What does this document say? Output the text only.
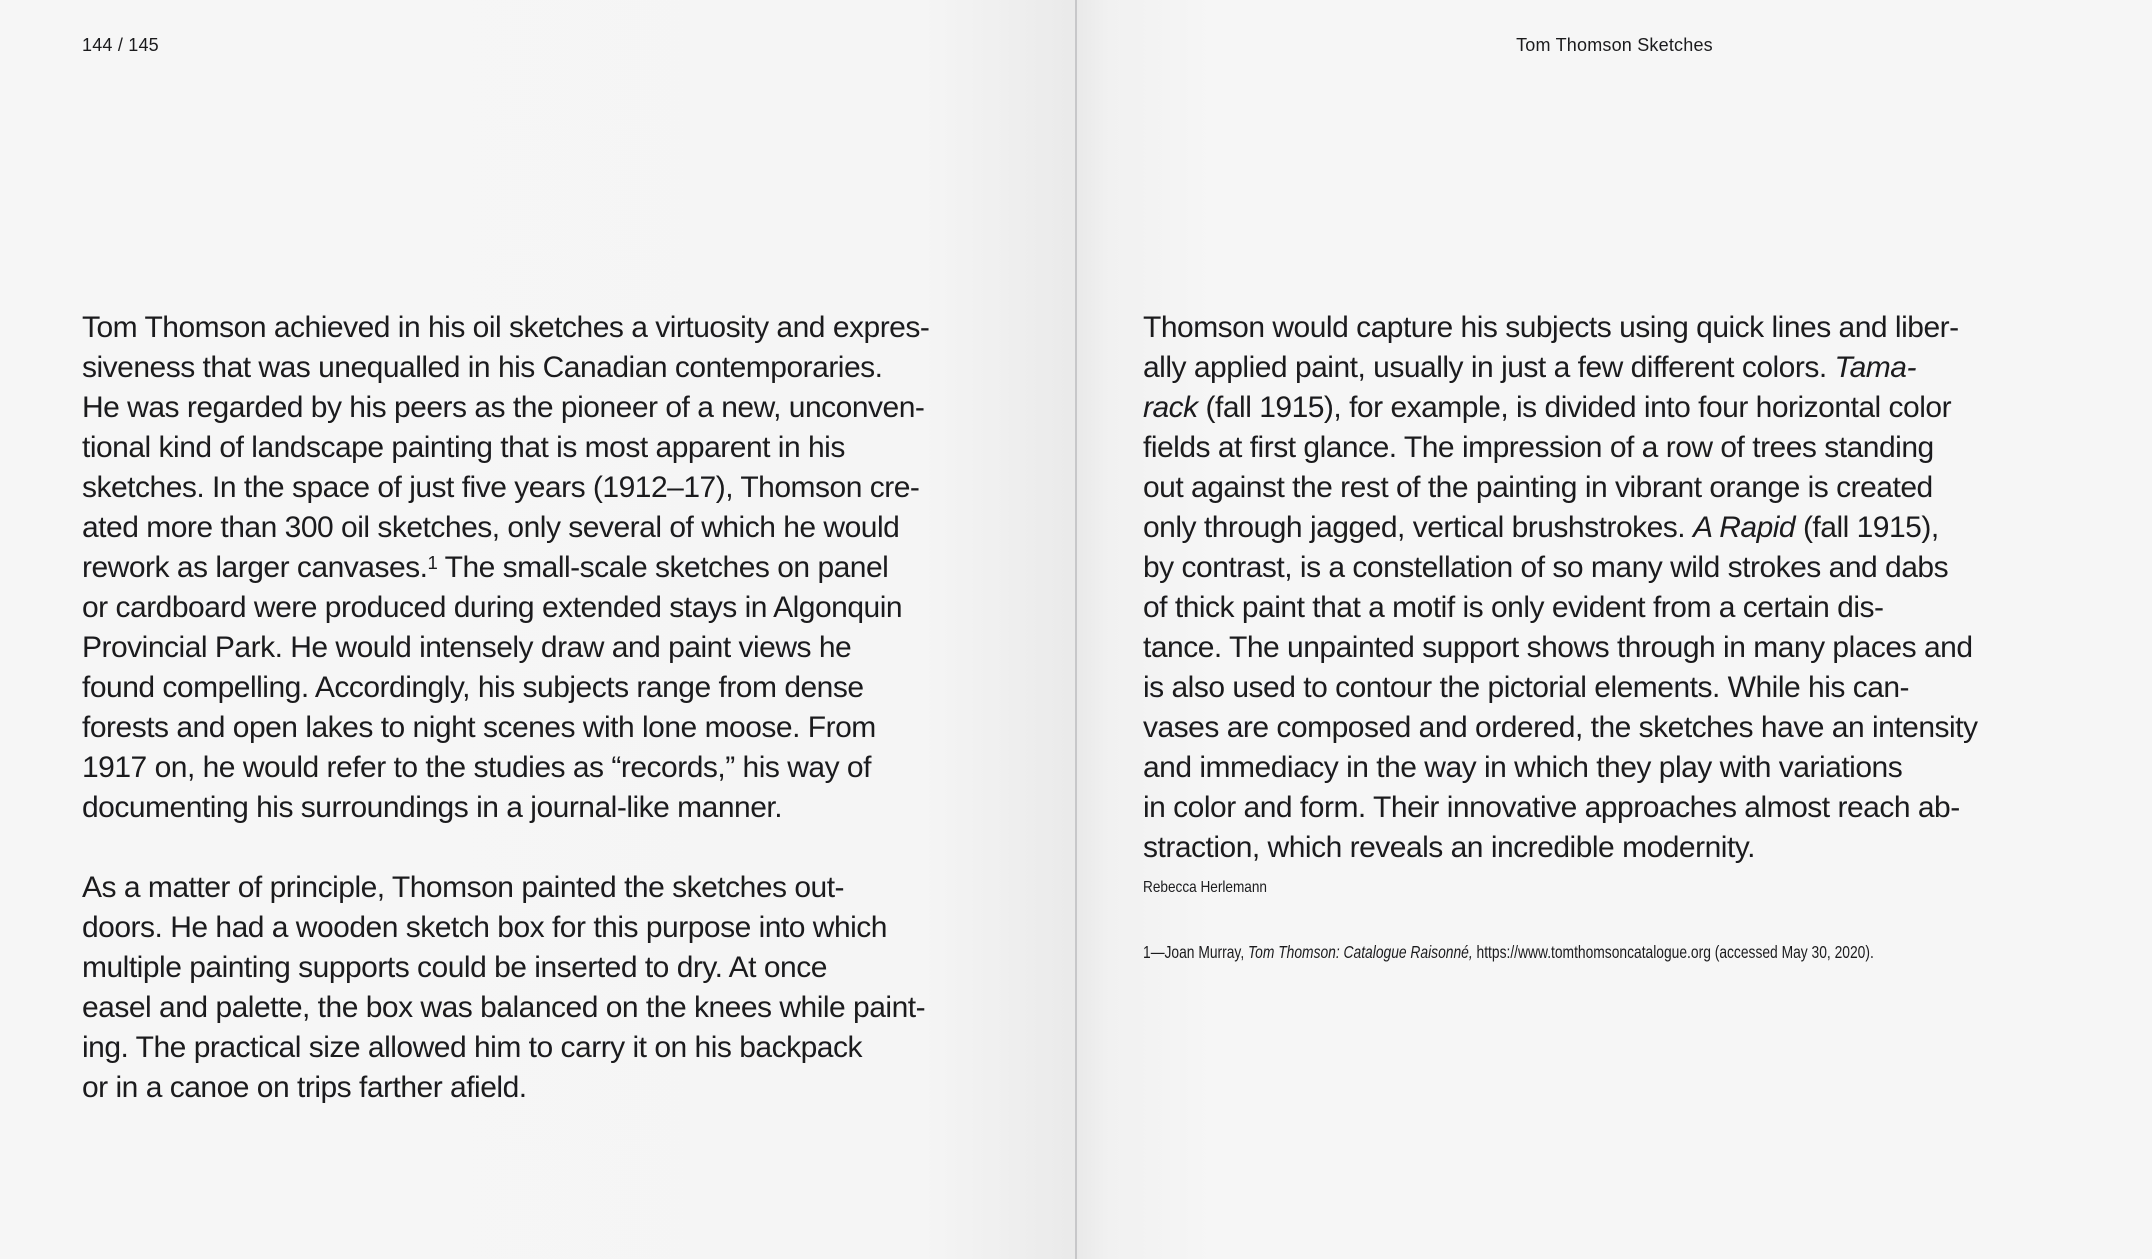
144 / 145

Tom Thomson achieved in his oil sketches a virtuosity and expres-
siveness that was unequalled in his Canadian contemporaries.
He was regarded by his peers as the pioneer of a new, unconven-
tional kind of landscape painting that is most apparent in his
sketches. In the space of just five years (1912–17), Thomson cre-
ated more than 300 oil sketches, only several of which he would
rework as larger canvases.$^1$ The small-scale sketches on panel
or cardboard were produced during extended stays in Algonquin
Provincial Park. He would intensely draw and paint views he
found compelling. Accordingly, his subjects range from dense
forests and open lakes to night scenes with lone moose. From
1917 on, he would refer to the studies as “records,” his way of
documenting his surroundings in a journal-like manner.

As a matter of principle, Thomson painted the sketches out-
doors. He had a wooden sketch box for this purpose into which
multiple painting supports could be inserted to dry. At once
easel and palette, the box was balanced on the knees while paint-
ing. The practical size allowed him to carry it on his backpack
or in a canoe on trips farther afield.

Tom Thomson Sketches

Thomson would capture his subjects using quick lines and liber-
ally applied paint, usually in just a few different colors. Tama-
rack (fall 1915), for example, is divided into four horizontal color
fields at first glance. The impression of a row of trees standing
out against the rest of the painting in vibrant orange is created
only through jagged, vertical brushstrokes. A Rapid (fall 1915),
by contrast, is a constellation of so many wild strokes and dabs
of thick paint that a motif is only evident from a certain dis-
tance. The unpainted support shows through in many places and
is also used to contour the pictorial elements. While his can-
vases are composed and ordered, the sketches have an intensity
and immediacy in the way in which they play with variations
in color and form. Their innovative approaches almost reach ab-
straction, which reveals an incredible modernity.

Rebecca Herlemann
1—Joan Murray, Tom Thomson: Catalogue Raisonné, https://www.tomthomsoncatalogue.org (accessed May 30, 2020).
